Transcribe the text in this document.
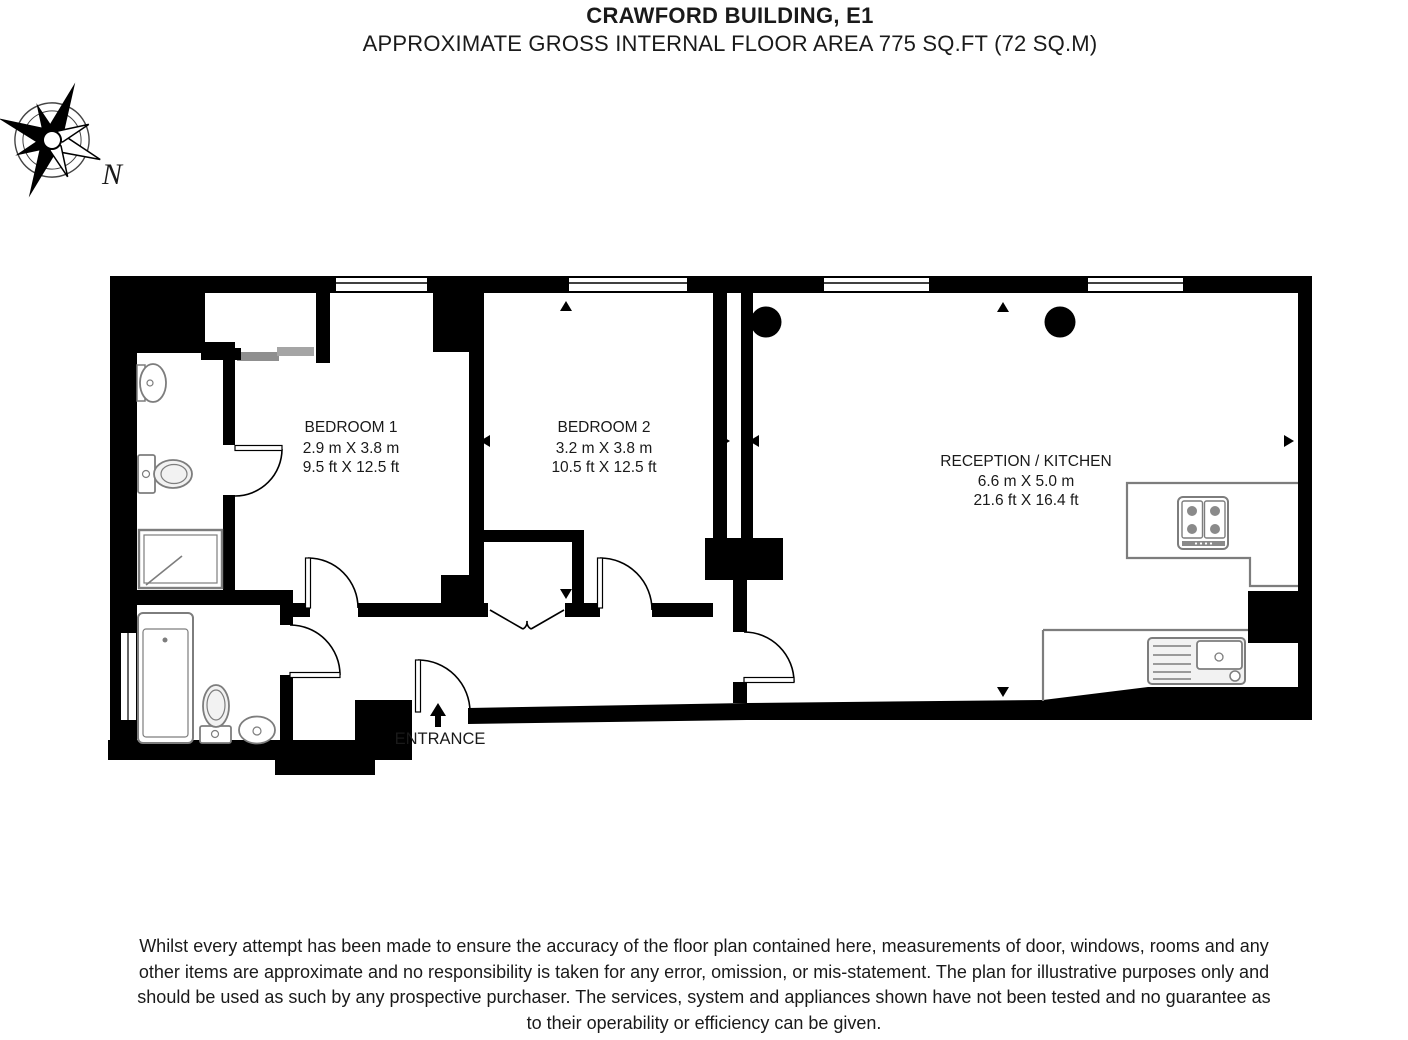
CRAWFORD BUILDING, E1
APPROXIMATE GROSS INTERNAL FLOOR AREA 775 SQ.FT (72 SQ.M)
N
BEDROOM 1
2.9 m X 3.8 m
9.5 ft X 12.5 ft
BEDROOM 2
3.2 m X 3.8 m
10.5 ft X 12.5 ft	RECEPTION / KITCHEN
6.6 m X 5.0 m
21.6 ft X 16.4 ft
ENTRANCE
Whilst every attempt has been made to ensure the accuracy of the floor plan contained here, measurements of door, windows, rooms and any
other items are approximate and no responsibility is taken for any error, omission, or mis-statement. The plan for illustrative purposes only and
should be used as such by any prospective purchaser. The services, system and appliances shown have not been tested and no guarantee as
to their operability or efficiency can be given.
